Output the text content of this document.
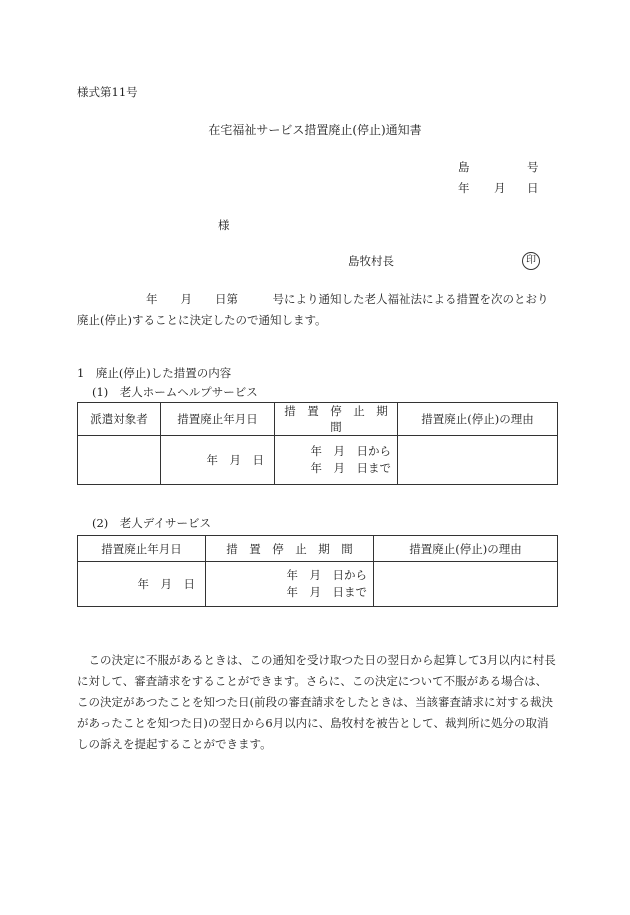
様式第11号
在宅福祉サービス措置廃止(停止)通知書
島	号
年 月 日
様
島牧村長	印
　　　　　　年　　月　　日第　　　号により通知した老人福祉法による措置を次のとおり
廃止(停止)することに決定したので通知します。
1　廃止(停止)した措置の内容
(1)　老人ホームヘルプサービス
派遣対象者	措置廃止年月日	措　置　停　止　期　間	措置廃止(停止)の理由
	年　月　日	年　月　日から
年　月　日まで	

(2)　老人デイサービス
措置廃止年月日	措　置　停　止　期　間	措置廃止(停止)の理由
年　月　日	年　月　日から
年　月　日まで	

この決定に不服があるときは、この通知を受け取つた日の翌日から起算して3月以内に村長に対して、審査請求をすることができます。さらに、この決定について不服がある場合は、この決定があつたことを知つた日(前段の審査請求をしたときは、当該審査請求に対する裁決があったことを知つた日)の翌日から6月以内に、島牧村を被告として、裁判所に処分の取消しの訴えを提起することができます。
